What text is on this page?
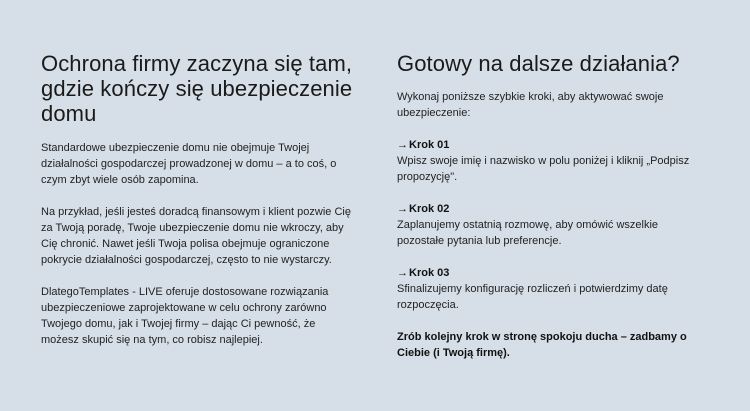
Ochrona firmy zaczyna się tam, gdzie kończy się ubezpieczenie domu

Standardowe ubezpieczenie domu nie obejmuje Twojej działalności gospodarczej prowadzonej w domu – a to coś, o czym zbyt wiele osób zapomina.

Na przykład, jeśli jesteś doradcą finansowym i klient pozwie Cię za Twoją poradę, Twoje ubezpieczenie domu nie wkroczy, aby Cię chronić. Nawet jeśli Twoja polisa obejmuje ograniczone pokrycie działalności gospodarczej, często to nie wystarczy.

DlategoTemplates - LIVE oferuje dostosowane rozwiązania ubezpieczeniowe zaprojektowane w celu ochrony zarówno Twojego domu, jak i Twojej firmy – dając Ci pewność, że możesz skupić się na tym, co robisz najlepiej.

Gotowy na dalsze działania?

Wykonaj poniższe szybkie kroki, aby aktywować swoje ubezpieczenie:

→ Krok 01

Wpisz swoje imię i nazwisko w polu poniżej i kliknij „Podpisz propozycję".

→ Krok 02

Zaplanujemy ostatnią rozmowę, aby omówić wszelkie pozostałe pytania lub preferencje.

→ Krok 03

Sfinalizujemy konfigurację rozliczeń i potwierdzimy datę rozpoczęcia.

Zrób kolejny krok w stronę spokoju ducha – zadbamy o Ciebie (i Twoją firmę).
